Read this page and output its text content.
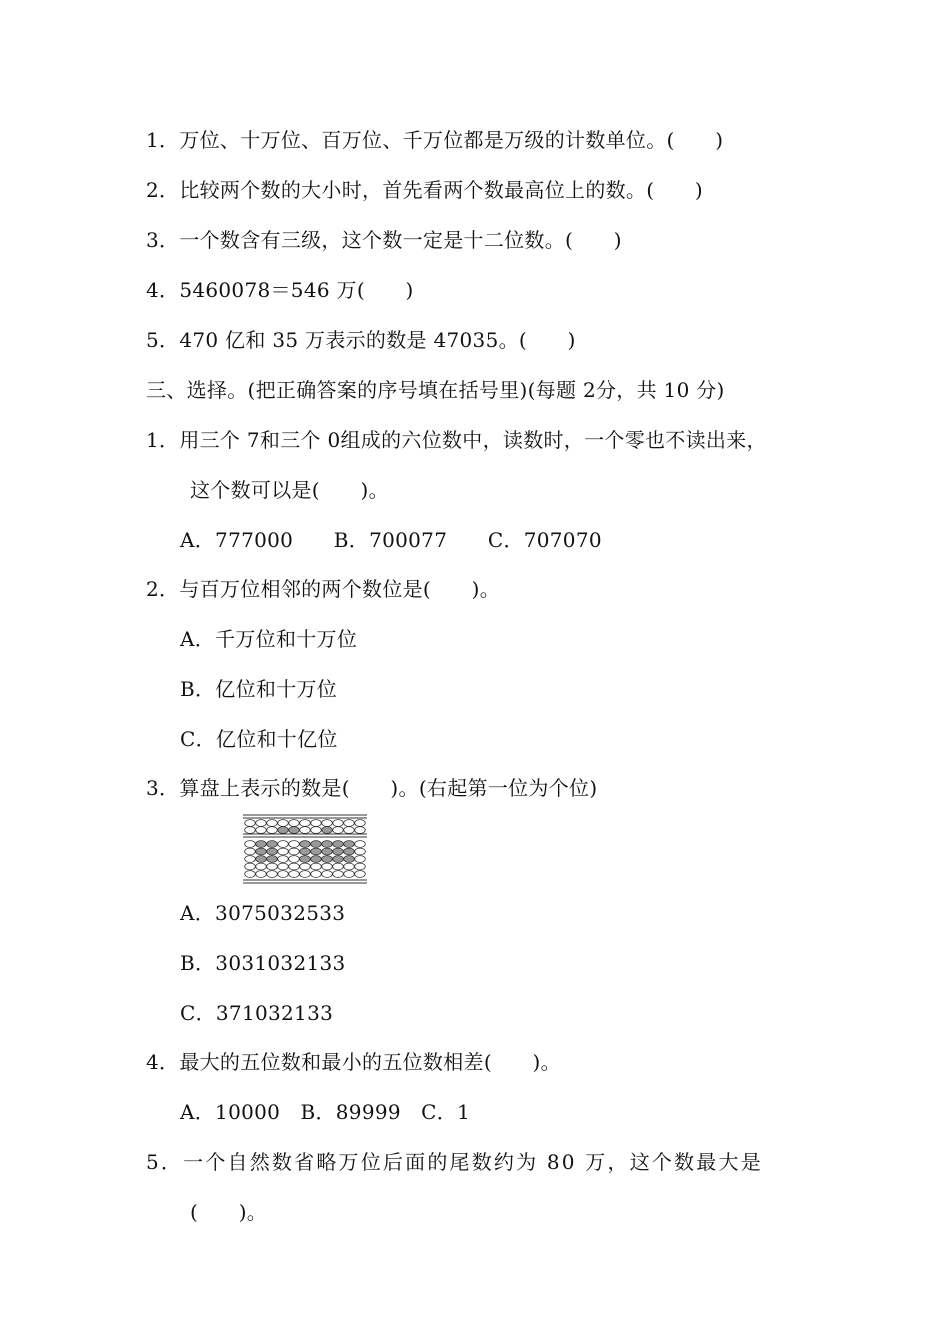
1．万位、十万位、百万位、千万位都是万级的计数单位。(　　)
2．比较两个数的大小时，首先看两个数最高位上的数。(　　)
3．一个数含有三级，这个数一定是十二位数。(　　)
4．5460078＝546 万(　　)
5．470 亿和 35 万表示的数是 47035。(　　)
三、选择。(把正确答案的序号填在括号里)(每题 2分，共 10 分)
1．用三个 7和三个 0组成的六位数中，读数时，一个零也不读出来，
这个数可以是(　　)。
A．777000　　B．700077　　C．707070
2．与百万位相邻的两个数位是(　　)。
A．千万位和十万位
B．亿位和十万位
C．亿位和十亿位
3．算盘上表示的数是(　　)。(右起第一位为个位)
A．3075032533
B．3031032133
C．371032133
4．最大的五位数和最小的五位数相差(　　)。
A．10000　B．89999　C．1
5．一个自然数省略万位后面的尾数约为 80 万，这个数最大是
(　　)。
